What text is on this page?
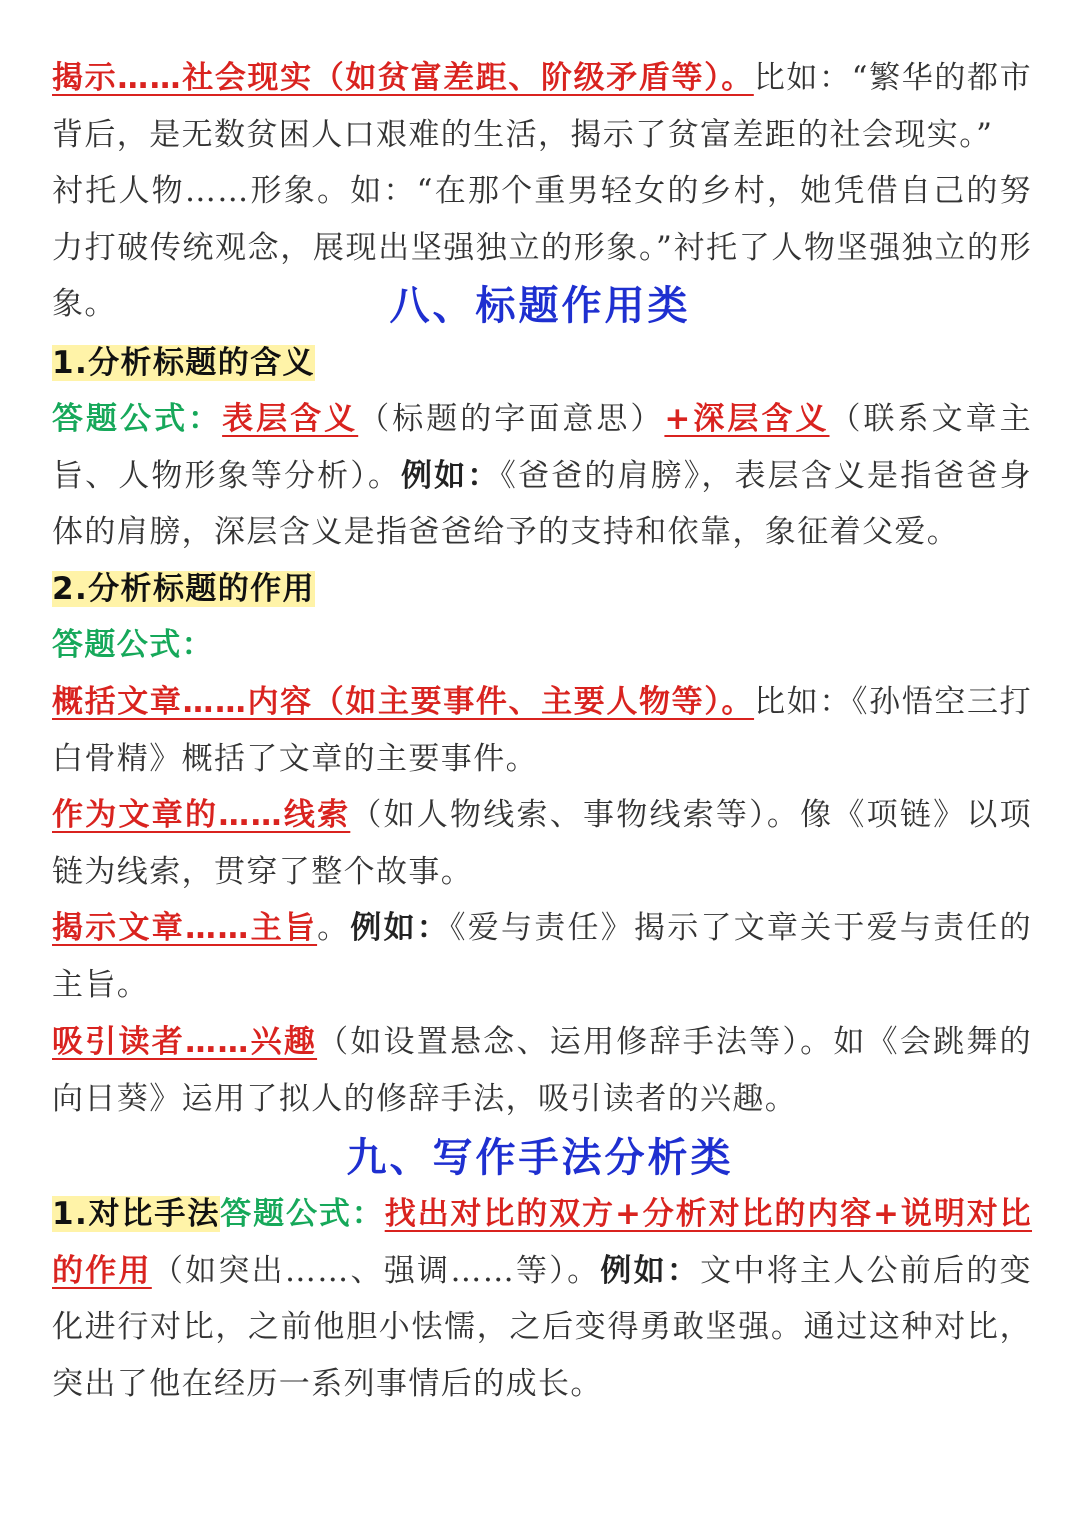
揭示……社会现实（如贫富差距、阶级矛盾等）。比如：“繁华的都市背后，是无数贫困人口艰难的生活，揭示了贫富差距的社会现实。”

衬托人物……形象。如：“在那个重男轻女的乡村，她凭借自己的努力打破传统观念，展现出坚强独立的形象。”衬托了人物坚强独立的形象。	八、标题作用类

1.分析标题的含义

答题公式：表层含义（标题的字面意思）+深层含义（联系文章主旨、人物形象等分析）。例如：《爸爸的肩膀》，表层含义是指爸爸身体的肩膀，深层含义是指爸爸给予的支持和依靠，象征着父爱。

2.分析标题的作用

答题公式：

概括文章……内容（如主要事件、主要人物等）。比如：《孙悟空三打白骨精》概括了文章的主要事件。

作为文章的……线索（如人物线索、事物线索等）。像《项链》以项链为线索，贯穿了整个故事。

揭示文章……主旨。例如：《爱与责任》揭示了文章关于爱与责任的主旨。

吸引读者……兴趣（如设置悬念、运用修辞手法等）。如《会跳舞的向日葵》运用了拟人的修辞手法，吸引读者的兴趣。

九、写作手法分析类

1.对比手法答题公式：找出对比的双方+分析对比的内容+说明对比的作用（如突出……、强调……等）。例如：文中将主人公前后的变化进行对比，之前他胆小怯懦，之后变得勇敢坚强。通过这种对比，突出了他在经历一系列事情后的成长。
